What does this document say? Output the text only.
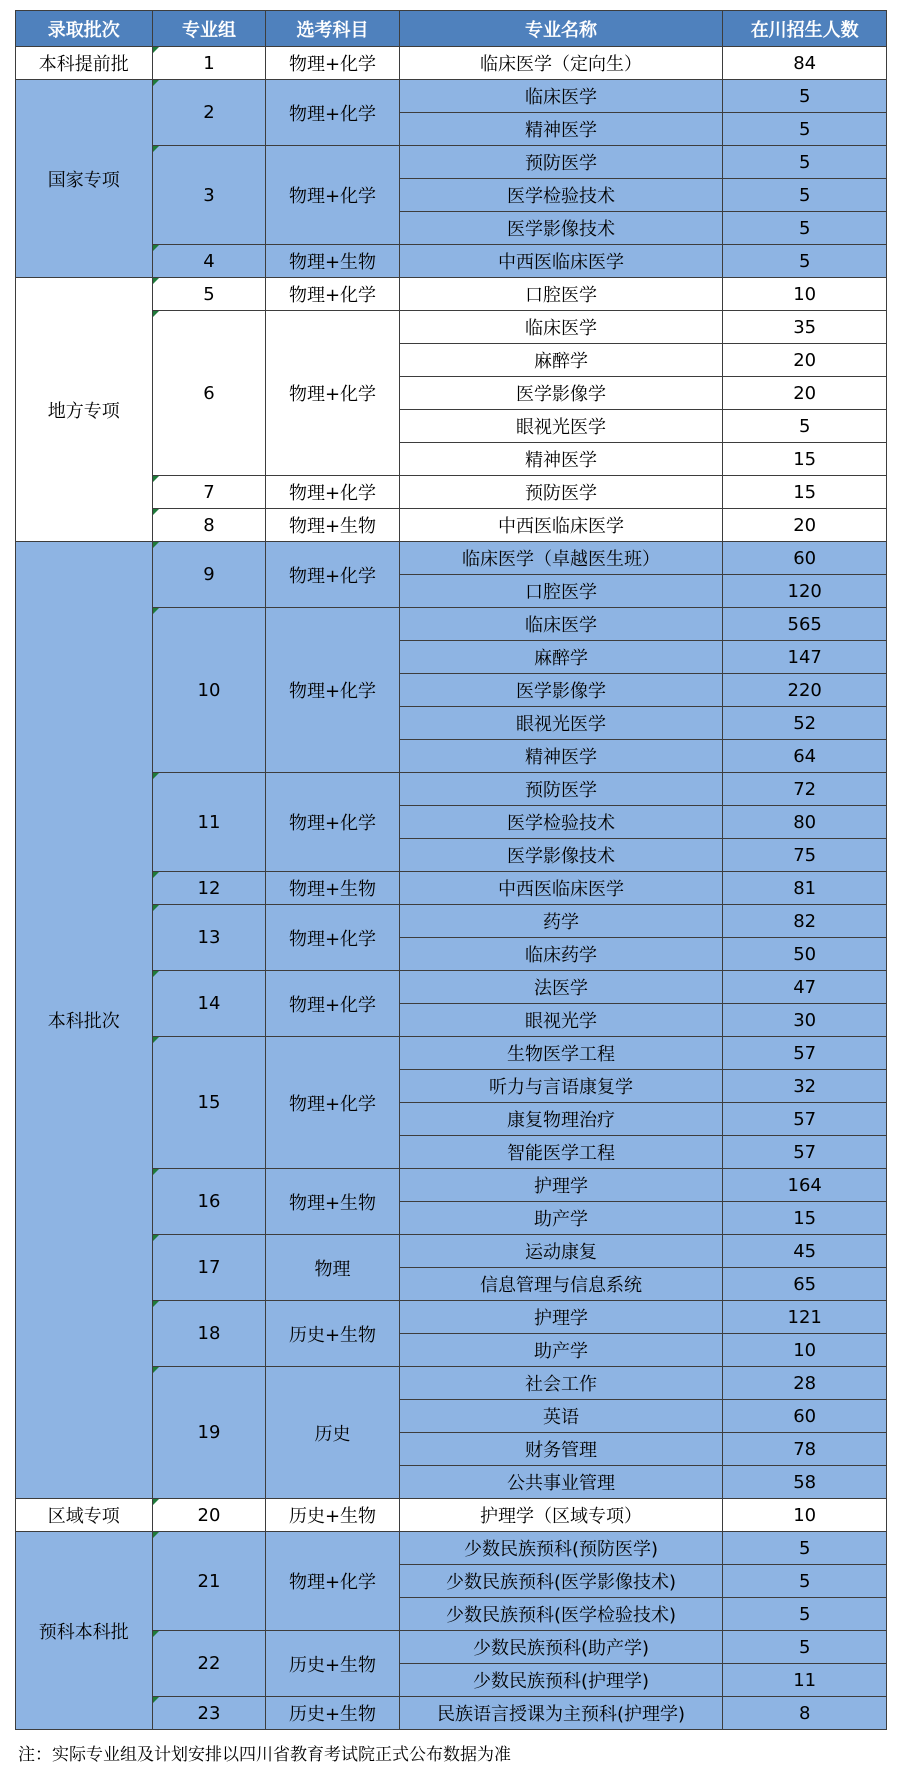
录取批次	专业组	选考科目	专业名称	在川招生人数
本科提前批	1	物理+化学	临床医学（定向生）	84
国家专项	2	物理+化学	临床医学	5
			精神医学	5
	3	物理+化学	预防医学	5
			医学检验技术	5
			医学影像技术	5
	4	物理+生物	中西医临床医学	5
地方专项	5	物理+化学	口腔医学	10
	6	物理+化学	临床医学	35
			麻醉学	20
			医学影像学	20
			眼视光医学	5
			精神医学	15
	7	物理+化学	预防医学	15
	8	物理+生物	中西医临床医学	20
本科批次	9	物理+化学	临床医学（卓越医生班）	60
			口腔医学	120
	10	物理+化学	临床医学	565
			麻醉学	147
			医学影像学	220
			眼视光医学	52
			精神医学	64
	11	物理+化学	预防医学	72
			医学检验技术	80
			医学影像技术	75
	12	物理+生物	中西医临床医学	81
	13	物理+化学	药学	82
			临床药学	50
	14	物理+化学	法医学	47
			眼视光学	30
	15	物理+化学	生物医学工程	57
			听力与言语康复学	32
			康复物理治疗	57
			智能医学工程	57
	16	物理+生物	护理学	164
			助产学	15
	17	物理	运动康复	45
			信息管理与信息系统	65
	18	历史+生物	护理学	121
			助产学	10
	19	历史	社会工作	28
			英语	60
			财务管理	78
			公共事业管理	58
区域专项	20	历史+生物	护理学（区域专项）	10
预科本科批	21	物理+化学	少数民族预科(预防医学)	5
			少数民族预科(医学影像技术)	5
			少数民族预科(医学检验技术)	5
	22	历史+生物	少数民族预科(助产学)	5
			少数民族预科(护理学)	11
	23	历史+生物	民族语言授课为主预科(护理学)	8
注：实际专业组及计划安排以四川省教育考试院正式公布数据为准
